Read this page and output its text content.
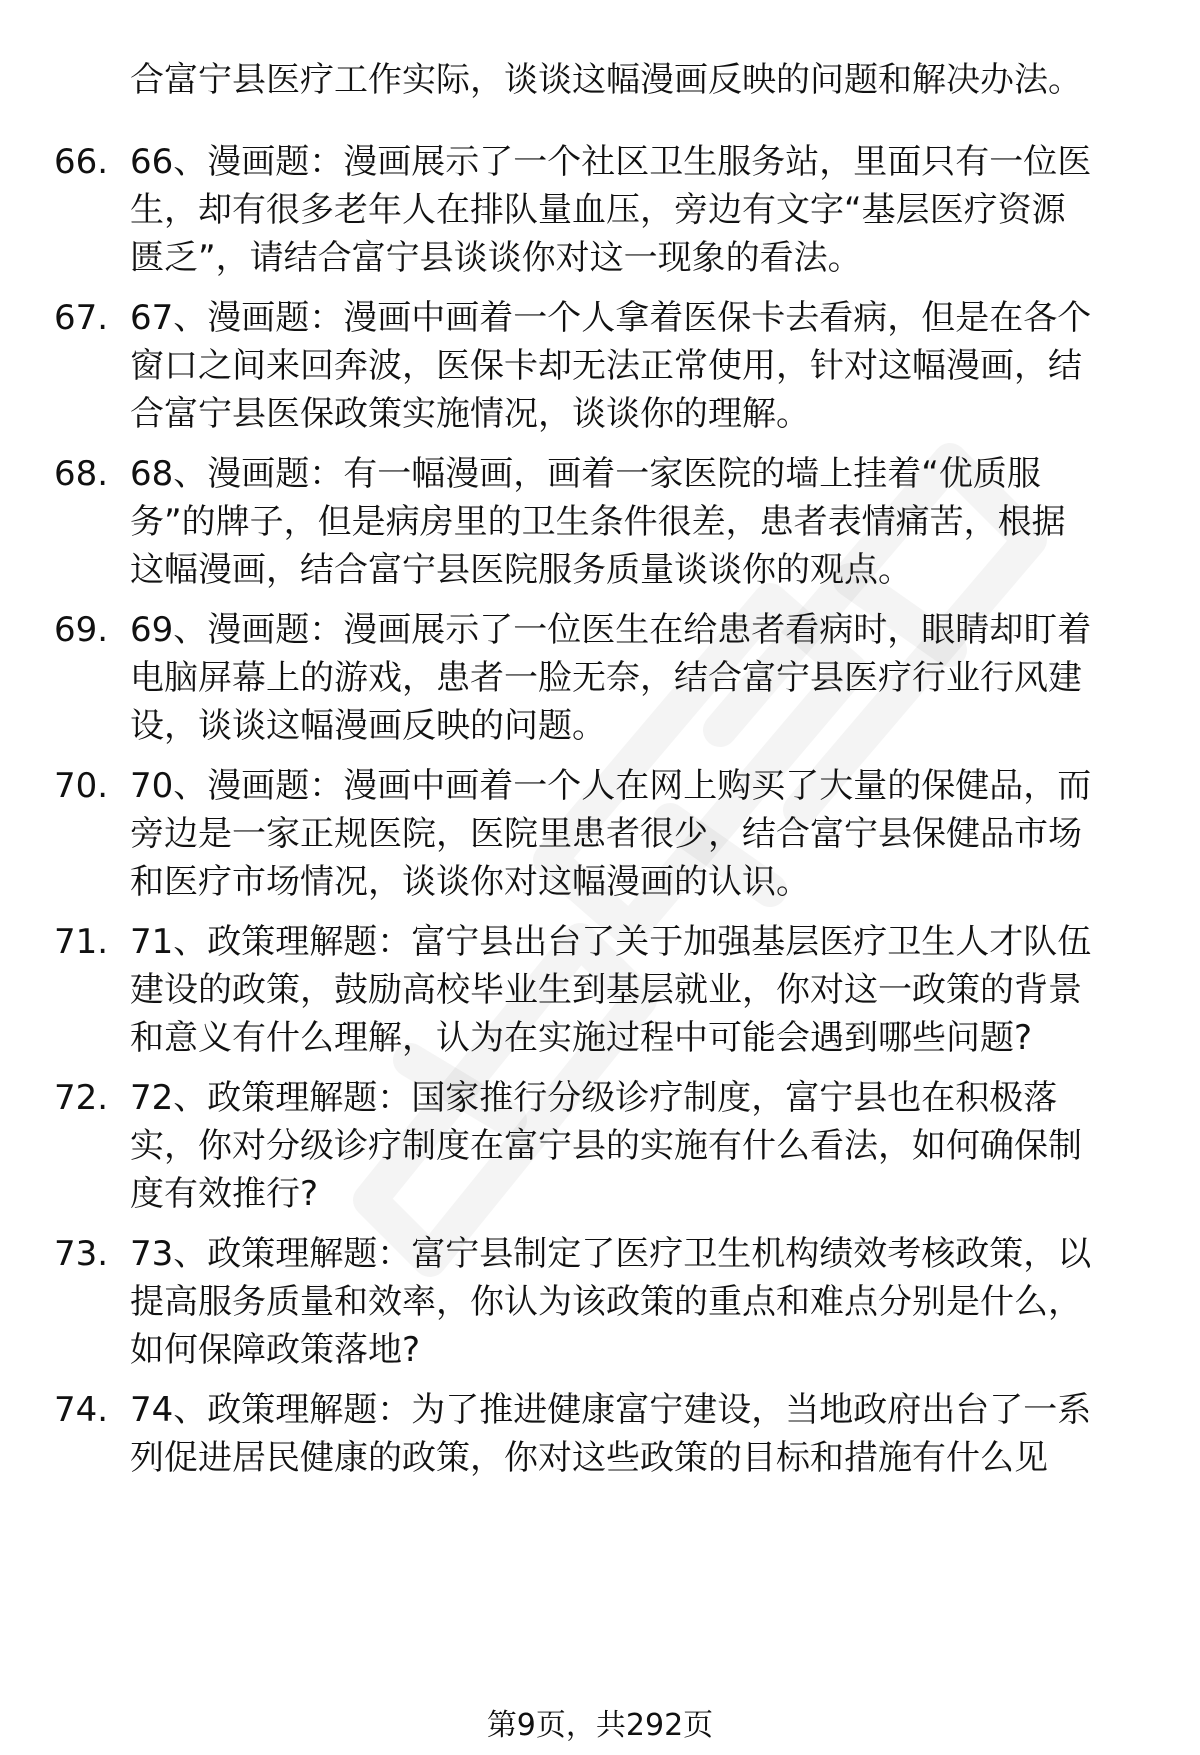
合富宁县医疗工作实际，谈谈这幅漫画反映的问题和解决办法。
66. 66、漫画题：漫画展示了一个社区卫生服务站，里面只有一位医
生，却有很多老年人在排队量血压，旁边有文字“基层医疗资源
匮乏”，请结合富宁县谈谈你对这一现象的看法。
67. 67、漫画题：漫画中画着一个人拿着医保卡去看病，但是在各个
窗口之间来回奔波，医保卡却无法正常使用，针对这幅漫画，结
合富宁县医保政策实施情况，谈谈你的理解。
68. 68、漫画题：有一幅漫画，画着一家医院的墙上挂着“优质服
务”的牌子，但是病房里的卫生条件很差，患者表情痛苦，根据
这幅漫画，结合富宁县医院服务质量谈谈你的观点。
69. 69、漫画题：漫画展示了一位医生在给患者看病时，眼睛却盯着
电脑屏幕上的游戏，患者一脸无奈，结合富宁县医疗行业行风建
设，谈谈这幅漫画反映的问题。
70. 70、漫画题：漫画中画着一个人在网上购买了大量的保健品，而
旁边是一家正规医院，医院里患者很少，结合富宁县保健品市场
和医疗市场情况，谈谈你对这幅漫画的认识。
71. 71、政策理解题：富宁县出台了关于加强基层医疗卫生人才队伍
建设的政策，鼓励高校毕业生到基层就业，你对这一政策的背景
和意义有什么理解，认为在实施过程中可能会遇到哪些问题?
72. 72、政策理解题：国家推行分级诊疗制度，富宁县也在积极落
实，你对分级诊疗制度在富宁县的实施有什么看法，如何确保制
度有效推行?
73. 73、政策理解题：富宁县制定了医疗卫生机构绩效考核政策，以
提高服务质量和效率，你认为该政策的重点和难点分别是什么，
如何保障政策落地?
74. 74、政策理解题：为了推进健康富宁建设，当地政府出台了一系
列促进居民健康的政策，你对这些政策的目标和措施有什么见
第9页，共292页
